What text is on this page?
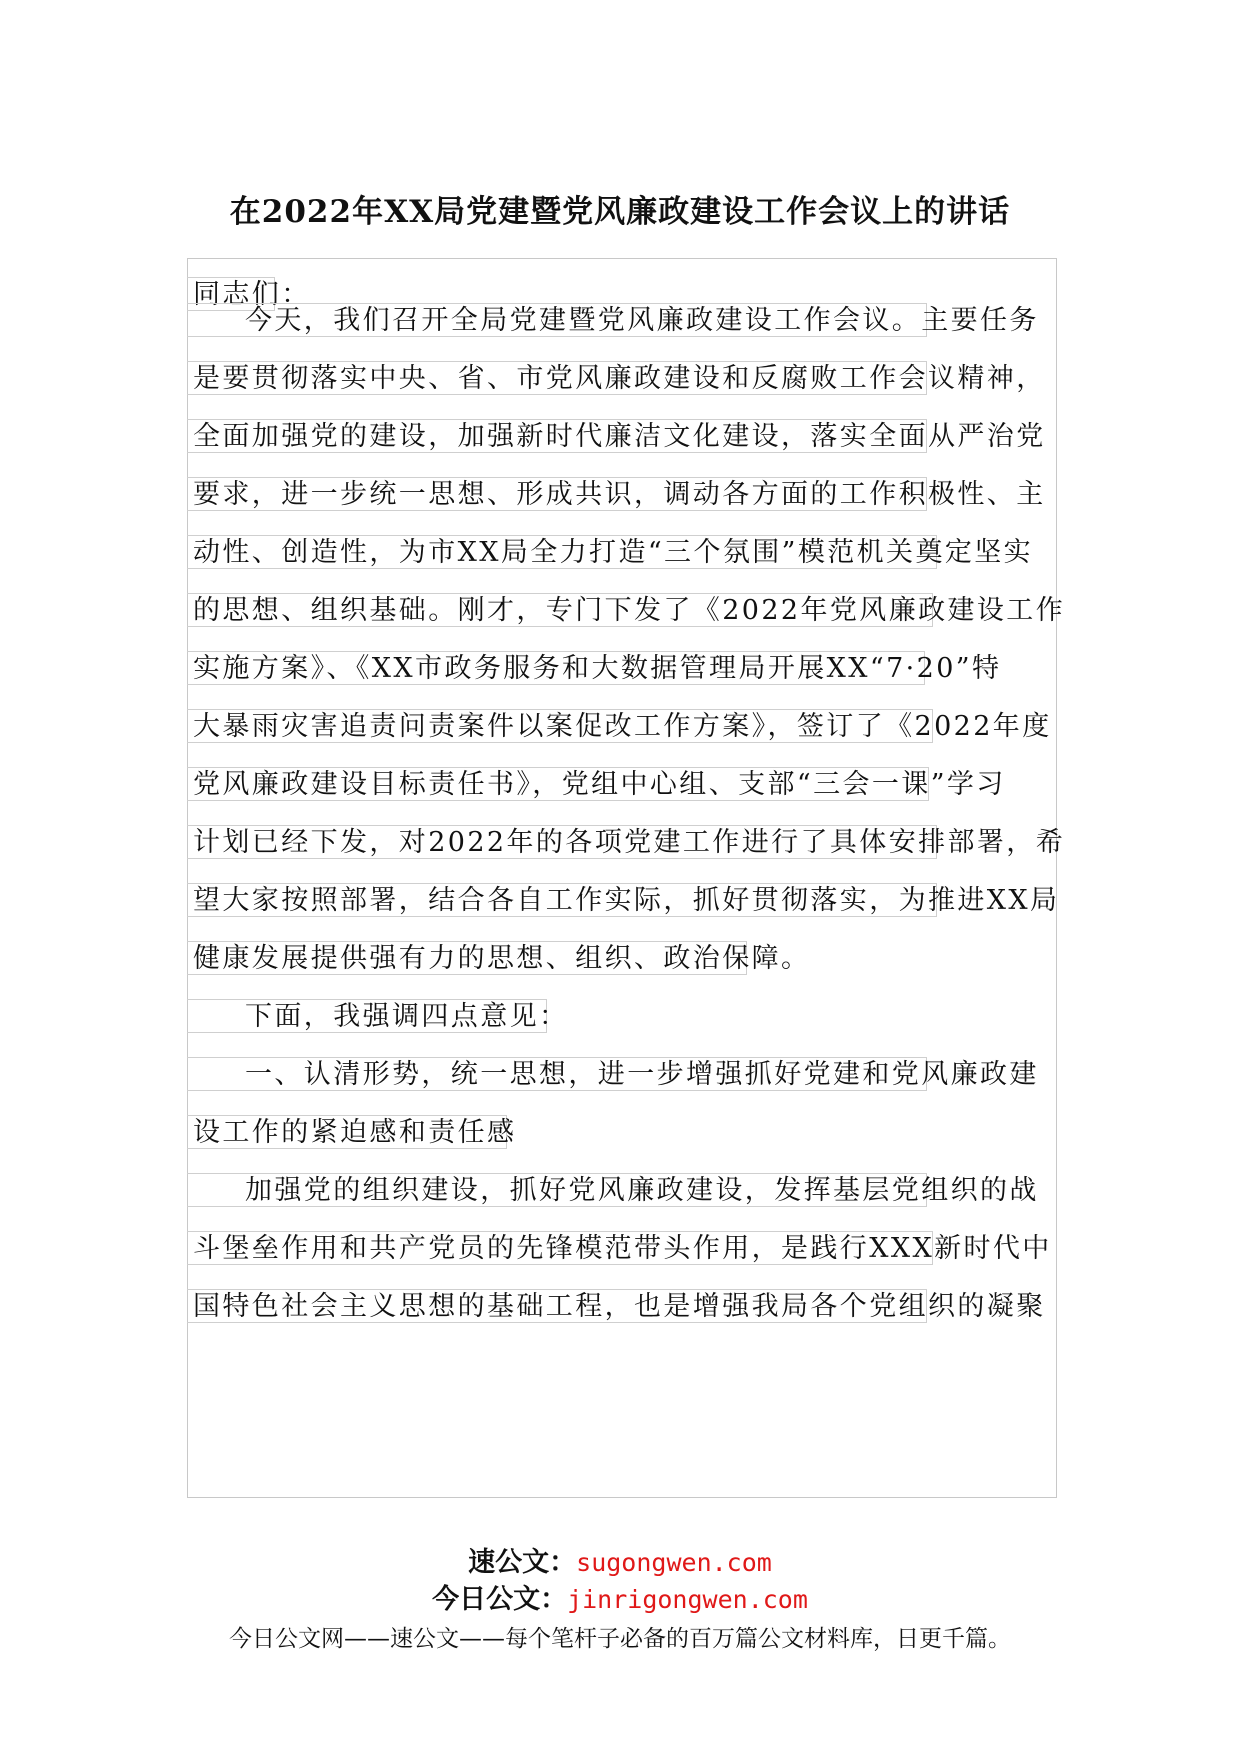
在2022年XX局党建暨党风廉政建设工作会议上的讲话
同志们：
今天，我们召开全局党建暨党风廉政建设工作会议。主要任务
是要贯彻落实中央、省、市党风廉政建设和反腐败工作会议精神，
全面加强党的建设，加强新时代廉洁文化建设，落实全面从严治党
要求，进一步统一思想、形成共识，调动各方面的工作积极性、主
动性、创造性，为市XX局全力打造“三个氛围”模范机关奠定坚实
的思想、组织基础。刚才，专门下发了《2022年党风廉政建设工作
实施方案》、《XX市政务服务和大数据管理局开展XX“7·20”特
大暴雨灾害追责问责案件以案促改工作方案》，签订了《2022年度
党风廉政建设目标责任书》，党组中心组、支部“三会一课”学习
计划已经下发，对2022年的各项党建工作进行了具体安排部署，希
望大家按照部署，结合各自工作实际，抓好贯彻落实，为推进XX局
健康发展提供强有力的思想、组织、政治保障。
下面，我强调四点意见：
一、认清形势，统一思想，进一步增强抓好党建和党风廉政建
设工作的紧迫感和责任感
加强党的组织建设，抓好党风廉政建设，发挥基层党组织的战
斗堡垒作用和共产党员的先锋模范带头作用，是践行XXX新时代中
国特色社会主义思想的基础工程，也是增强我局各个党组织的凝聚
速公文：sugongwen.com
今日公文：jinrigongwen.com
今日公文网——速公文——每个笔杆子必备的百万篇公文材料库，日更千篇。
